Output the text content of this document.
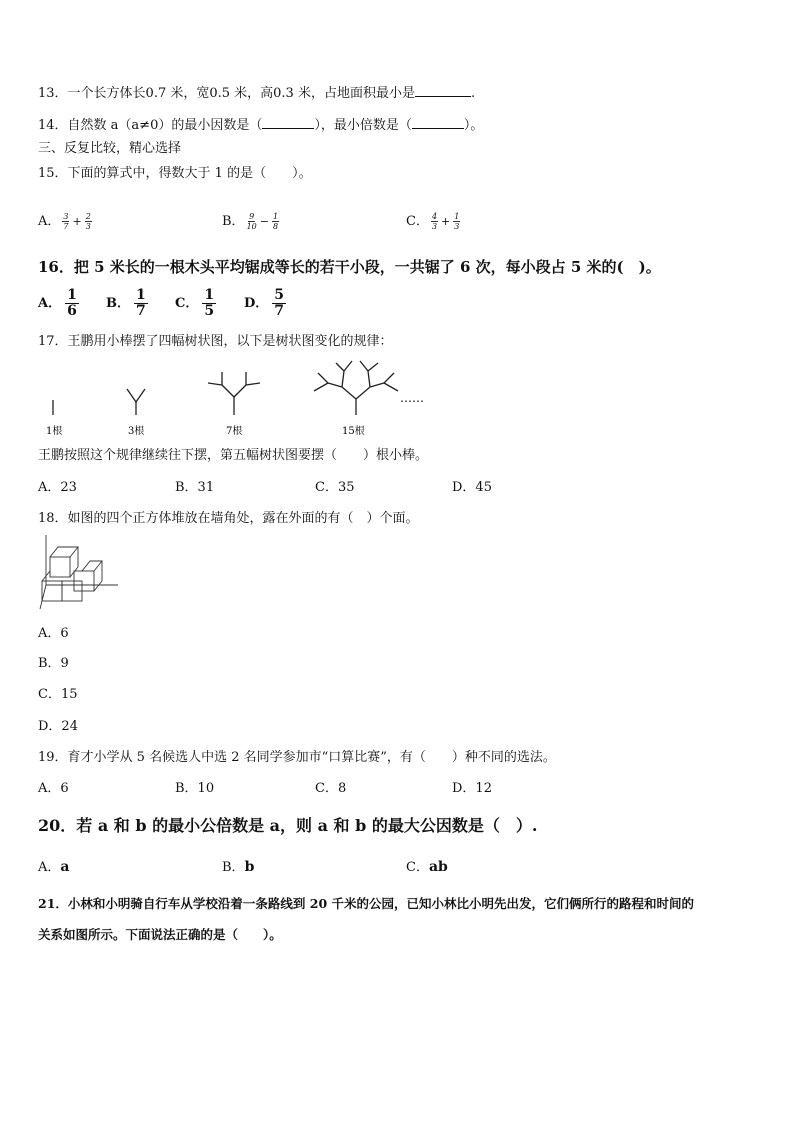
13．一个长方体长0.7 米，宽0.5 米，高0.3 米，占地面积最小是	.
14．自然数 a（a≠0）的最小因数是（	），最小倍数是（	）。
三、反复比较，精心选择
15．下面的算式中，得数大于 1 的是（　　）。
A． $\frac{3}{7} + \frac{2}{3}$	B． $\frac{9}{10} - \frac{1}{8}$	C． $\frac{4}{3} + \frac{1}{3}$
16．把 5 米长的一根木头平均锯成等长的若干小段，一共锯了 6 次，每小段占 5 米的(　)。
A． $\frac{1}{6}$ B． $\frac{1}{7}$ C． $\frac{1}{5}$ D． $\frac{5}{7}$
17．王鹏用小棒摆了四幅树状图，以下是树状图变化的规律：
……
1根	3根	7根	15根
王鹏按照这个规律继续往下摆，第五幅树状图要摆（　　）根小棒。
A．23	B．31	C．35	D．45
18．如图的四个正方体堆放在墙角处，露在外面的有（　）个面。
A．6
B．9
C．15
D．24
19．育才小学从 5 名候选人中选 2 名同学参加市“口算比赛”，有（　　）种不同的选法。
A．6	B．10	C．8	D．12
20．若 a 和 b 的最小公倍数是 a，则 a 和 b 的最大公因数是（　）.
A．a	B．b	C．ab
21．小林和小明骑自行车从学校沿着一条路线到 20 千米的公园，已知小林比小明先出发，它们俩所行的路程和时间的
关系如图所示。下面说法正确的是（　　）。
